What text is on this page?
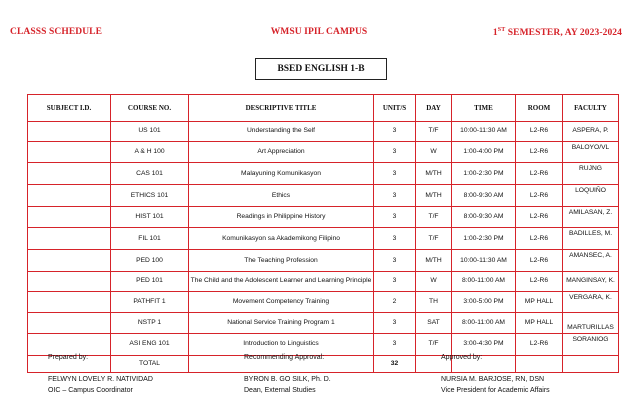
CLASSS SCHEDULE	WMSU IPIL CAMPUS	1ST SEMESTER, AY 2023-2024
BSED ENGLISH 1-B
SUBJECT I.D.	COURSE NO.	DESCRIPTIVE TITLE	UNIT/S	DAY	TIME	ROOM	FACULTY
	US 101	Understanding the Self	3	T/F	10:00-11:30 AM	L2-R6	ASPERA, P.
	A & H 100	Art Appreciation	3	W	1:00-4:00 PM	L2-R6	BALOYO/VL
	CAS 101	Malayuning Komunikasyon	3	M/TH	1:00-2:30 PM	L2-R6	RUJNG
	ETHICS 101	Ethics	3	M/TH	8:00-9:30 AM	L2-R6	LOQUIÑO
	HIST 101	Readings in Philippine History	3	T/F	8:00-9:30 AM	L2-R6	AMILASAN, Z.
	FIL 101	Komunikasyon sa Akademikong Filipino	3	T/F	1:00-2:30 PM	L2-R6	BADILLES, M.
	PED 100	The Teaching Profession	3	M/TH	10:00-11:30 AM	L2-R6	AMANSEC, A.
	PED 101	The Child and the Adolescent Learner and Learning Principle	3	W	8:00-11:00 AM	L2-R6	MANGINSAY, K.
	PATHFIT 1	Movement Competency Training	2	TH	3:00-5:00 PM	MP HALL	VERGARA, K.
	NSTP 1	National Service Training Program 1	3	SAT	8:00-11:00 AM	MP HALL	MARTURILLAS
	ASI ENG 101	Introduction to Linguistics	3	T/F	3:00-4:30 PM	L2-R6	SORANIOG
	TOTAL		32				
Prepared by:
FELWYN LOVELY R. NATIVIDAD
OIC – Campus Coordinator
Recommending Approval:
BYRON B. GO SILK, Ph. D.
Dean, External Studies
Approved by:
NURSIA M. BARJOSE, RN, DSN
Vice President for Academic Affairs
